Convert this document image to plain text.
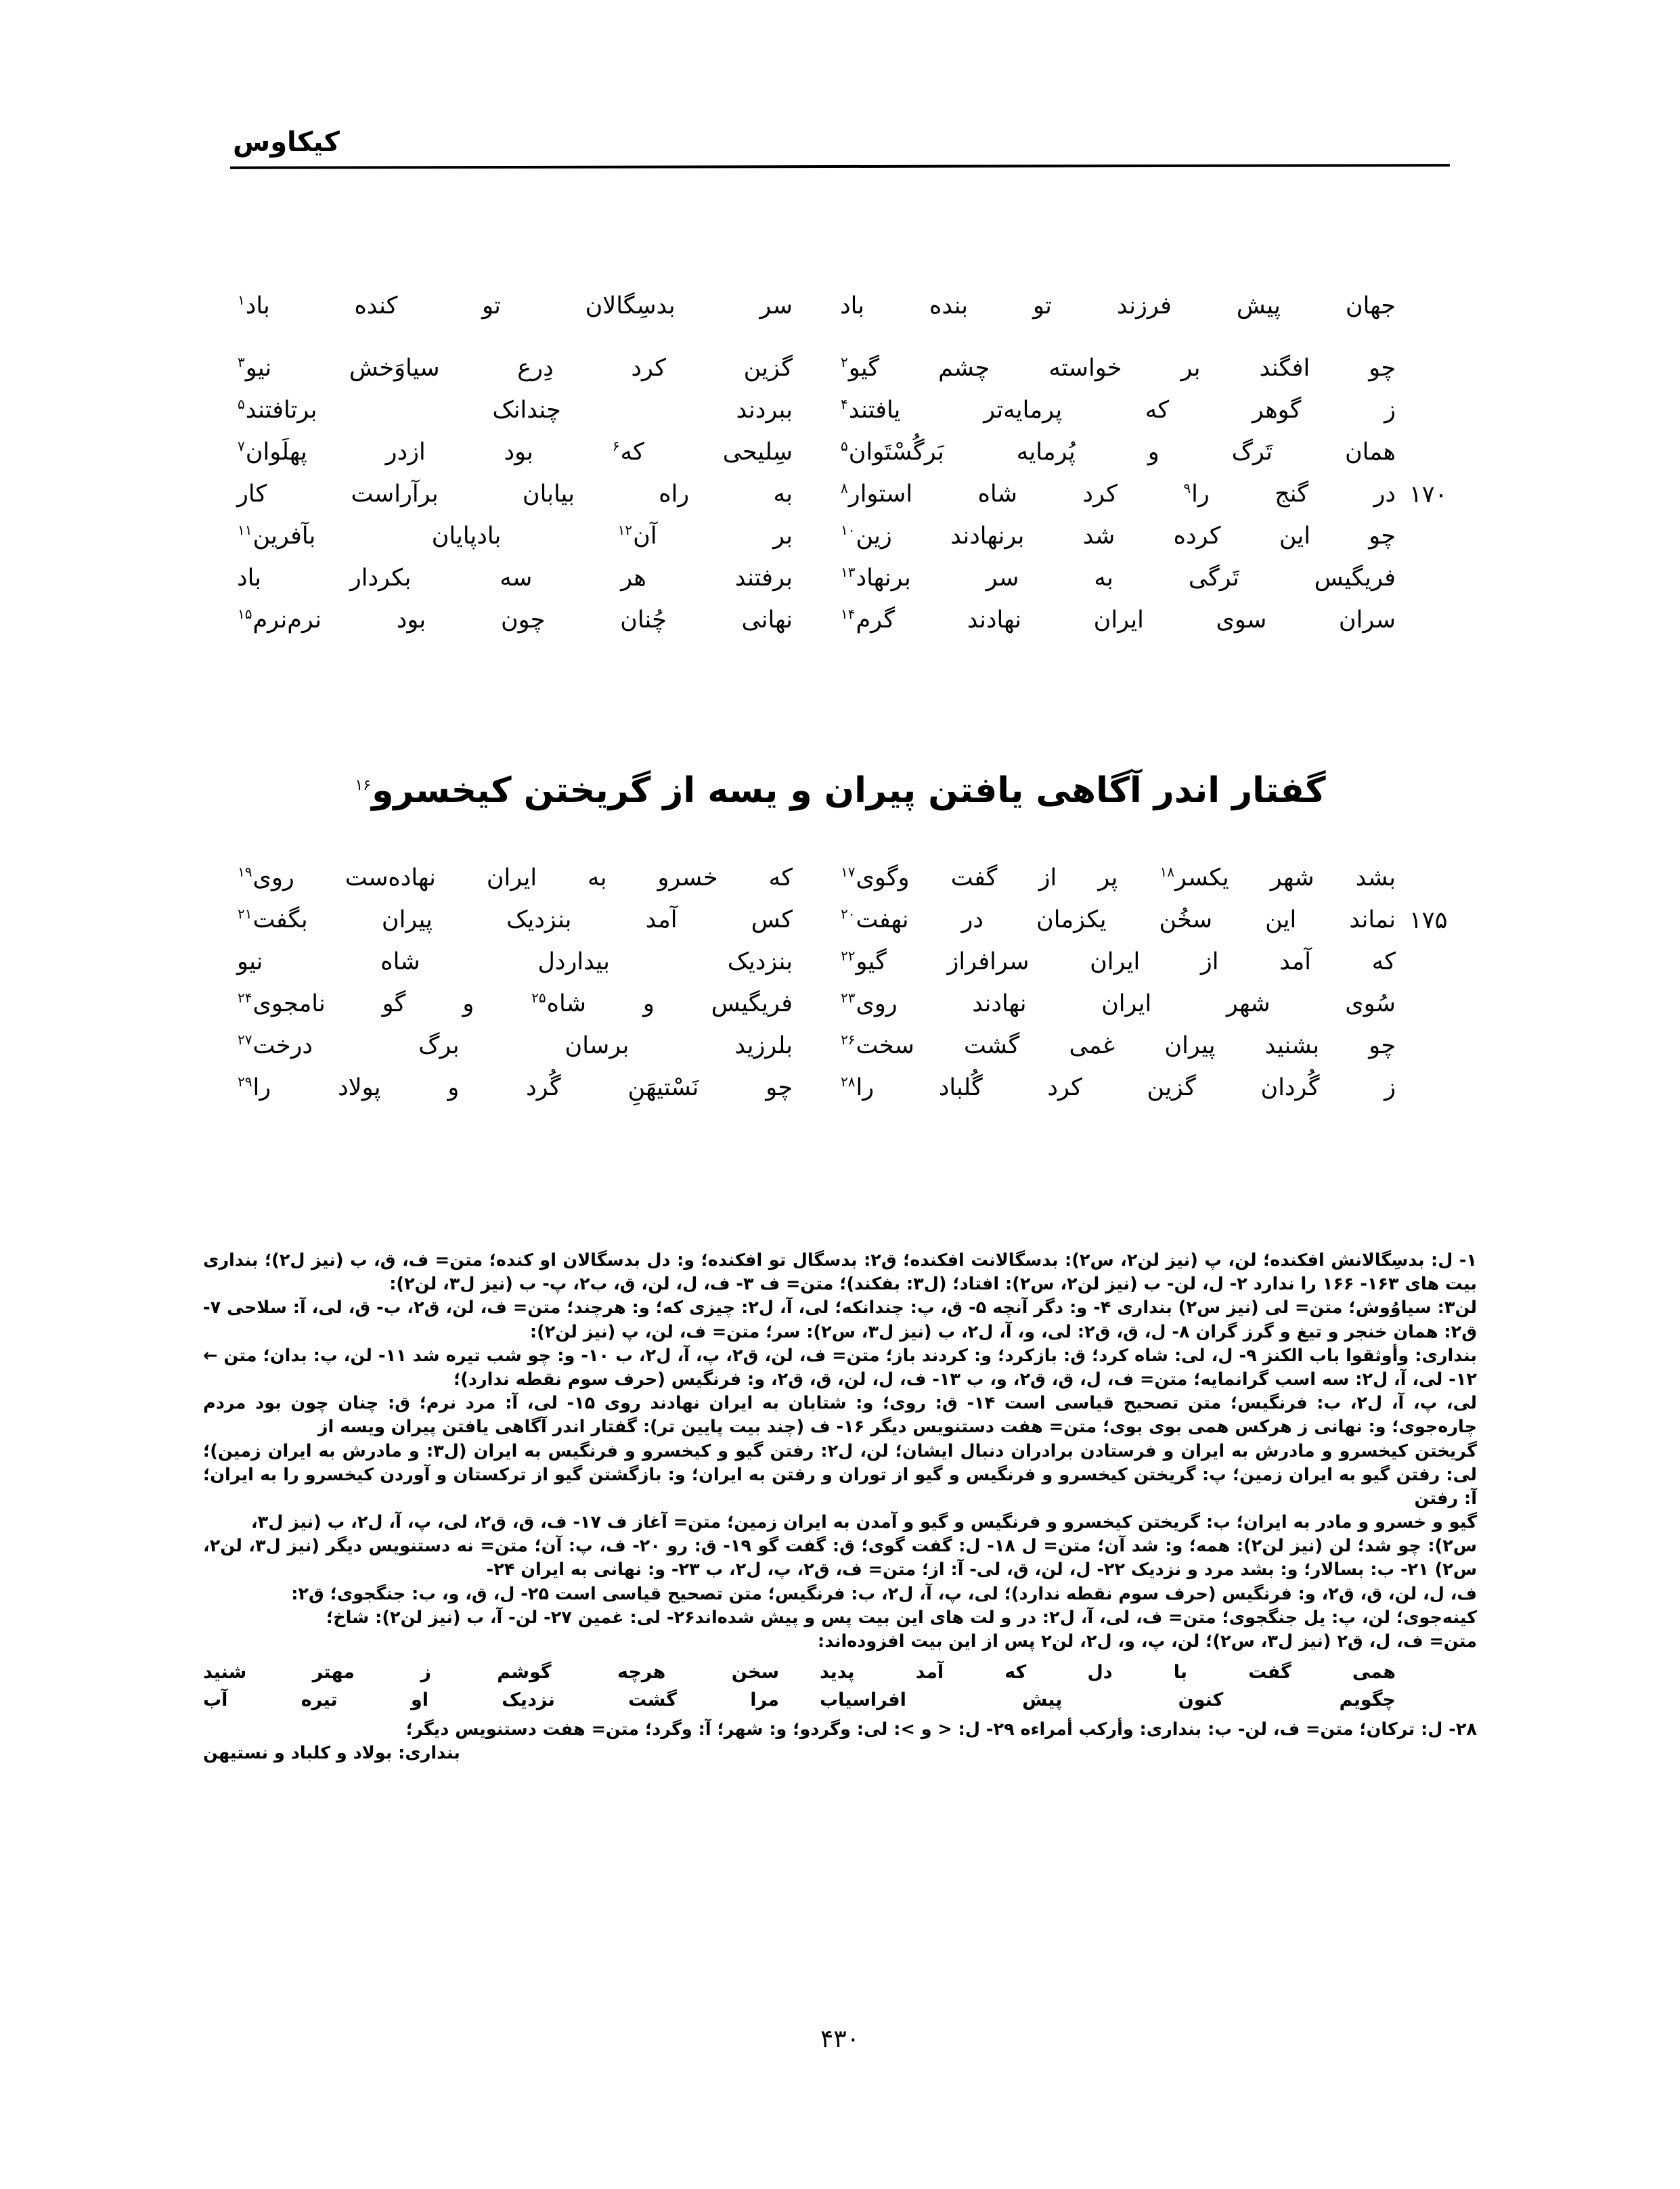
کیکاوس
جهان
پیش
فرزند
تو
بنده
باد
سر
بدسِگالان
تو
کنده
باد$^۱$
چو
افگند
بر
خواسته
چشم
گیو$^۲$
گزین
کرد
دِرع
سیاوَخش
نیو$^۳$
ز
گوهر
که
پرمایه‌تر
یافتند$^۴$
ببردند
چندانک
برتافتند$^۵$
همان
تَرگ
و
پُرمایه
بَرگُسْتَوان$^۵$
سِلیحی
که$^۶$
بود
ازدر
پهلَوان$^۷$
۱۷۰
در
گنج
را$^۹$
کرد
شاه
استوار$^۸$
به
راه
بیابان
برآراست
کار
چو
این
کرده
شد
برنهادند
زین$^{۱۰}$
بر
آن$^{۱۲}$
بادپایان
بآفرین$^{۱۱}$
فریگیس
تَرگی
به
سر
برنهاد$^{۱۳}$
برفتند
هر
سه
بکردار
باد
سران
سوی
ایران
نهادند
گرم$^{۱۴}$
نهانی
چُنان
چون
بود
نرم‌نرم$^{۱۵}$
گفتار اندر آگاهی یافتن پیران و یسه از گریختن کیخسرو$^{۱۶}$
بشد
شهر
یکسر$^{۱۸}$
پر
از
گفت
وگوی$^{۱۷}$
که
خسرو
به
ایران
نهاده‌ست
روی$^{۱۹}$
۱۷۵
نماند
این
سخُن
یکزمان
در
نهفت$^{۲۰}$
کس
آمد
بنزدیک
پیران
بگفت$^{۲۱}$
که
آمد
از
ایران
سرافراز
گیو$^{۲۲}$
بنزدیک
بیداردل
شاه
نیو
سُوی
شهر
ایران
نهادند
روی$^{۲۳}$
فریگیس
و
شاه$^{۲۵}$
و
گو
نامجوی$^{۲۴}$
چو
بشنید
پیران
غمی
گشت
سخت$^{۲۶}$
بلرزید
برسان
برگ
درخت$^{۲۷}$
ز
گُردان
گزین
کرد
گُلباد
را$^{۲۸}$
چو
نَسْتیهَنِ
گُرد
و
پولاد
را$^{۲۹}$

۱- ل: بدسِگالانش افکنده؛ لن، پ (نیز لن۲، س۲): بدسگالانت افکنده؛ ق۲: بدسگال تو افکنده؛ و: دل بدسگالان او کنده؛ متن= ف، ق، ب (نیز ل۲)؛ بنداری بیت های ۱۶۳- ۱۶۶ را ندارد ۲- ل، لن- ب (نیز لن۲، س۲): افتاد؛ (ل۳: بفکند)؛ متن= ف ۳- ف، ل، لن، ق، ب۲، پ- ب (نیز ل۳، لن۲):

لن۳: سیاوُوش؛ متن= لی (نیز س۲) بنداری ۴- و: دگر آنچه ۵- ق، پ: چندانکه؛ لی، آ، ل۲: چیزی که؛ و: هرچند؛ متن= ف، لن، ق۲، ب- ق، لی، آ: سلاحی ۷- ق۲: همان خنجر و تیغ و گرز گران ۸- ل، ق، ق۲: لی، و، آ، ل۲، ب (نیز ل۳، س۲): سر؛ متن= ف، لن، پ (نیز لن۲):

بنداری: وأوثقوا باب الکنز ۹- ل، لی: شاه کرد؛ ق: بازکرد؛ و: کردند باز؛ متن= ف، لن، ق۲، پ، آ، ل۲، ب ۱۰- و: چو شب تیره شد ۱۱- لن، پ: بدان؛ متن ← ۱۲- لی، آ، ل۲: سه اسب گرانمایه؛ متن= ف، ل، ق، ق۲، و، ب ۱۳- ف، ل، لن، ق، ق۲، و: فرنگیس (حرف سوم نقطه ندارد)؛

لی، پ، آ، ل۲، ب: فرنگیس؛ متن تصحیح قیاسی است ۱۴- ق: روی؛ و: شتابان به ایران نهادند روی ۱۵- لی، آ: مرد نرم؛ ق: چنان چون بود مردم چاره‌جوی؛ و: نهانی ز هرکس همی بوی بوی؛ متن= هفت دستنویس دیگر ۱۶- ف (چند بیت پایین تر): گفتار اندر آگاهی یافتن پیران ویسه از

گریختن کیخسرو و مادرش به ایران و فرستادن برادران دنبال ایشان؛ لن، ل۲: رفتن گیو و کیخسرو و فرنگیس به ایران (ل۳: و مادرش به ایران زمین)؛ لی: رفتن گیو به ایران زمین؛ پ: گریختن کیخسرو و فرنگیس و گیو از توران و رفتن به ایران؛ و: بازگشتن گیو از ترکستان و آوردن کیخسرو را به ایران؛ آ: رفتن

گیو و خسرو و مادر به ایران؛ ب: گریختن کیخسرو و فرنگیس و گیو و آمدن به ایران زمین؛ متن= آغاز ف ۱۷- ف، ق، ق۲، لی، پ، آ، ل۲، ب (نیز ل۳،

س۲): چو شد؛ لن (نیز لن۲): همه؛ و: شد آن؛ متن= ل ۱۸- ل: گفت گوی؛ ق: گفت گو ۱۹- ق: رو ۲۰- ف، پ: آن؛ متن= نه دستنویس دیگر (نیز ل۳، لن۲، س۲) ۲۱- ب: بسالار؛ و: بشد مرد و نزدیک ۲۲- ل، لن، ق، لی- آ: از؛ متن= ف، ق۲، پ، ل۲، ب ۲۳- و: نهانی به ایران ۲۴-

ف، ل، لن، ق، ق۲، و: فرنگیس (حرف سوم نقطه ندارد)؛ لی، پ، آ، ل۲، ب: فرنگیس؛ متن تصحیح قیاسی است ۲۵- ل، ق، و، ب: جنگجوی؛ ق۲:

کینه‌جوی؛ لن، پ: یل جنگجوی؛ متن= ف، لی، آ، ل۲: در و لت های این بیت پس و پیش شده‌اند۲۶- لی: غمین ۲۷- لن- آ، ب (نیز لن۲): شاخ؛

متن= ف، ل، ق۲ (نیز ل۳، س۲)؛ لن، پ، و، ل۲، لن۲ پس از این بیت افزوده‌اند:

همی
گفت
با
دل
که
آمد
پدید
سخن
هرچه
گوشم
ز
مهتر
شنید
چگویم
کنون
پیش
افراسیاب
مرا
گشت
نزدیک
او
تیره
آب

۲۸- ل: ترکان؛ متن= ف، لن- ب: بنداری: وأرکب أمراءه ۲۹- ل: < و >: لی: وگردو؛ و: شهر؛ آ: وگرد؛ متن= هفت دستنویس دیگر؛

بنداری: بولاد و کلباد و نستیهن

۴۳۰
